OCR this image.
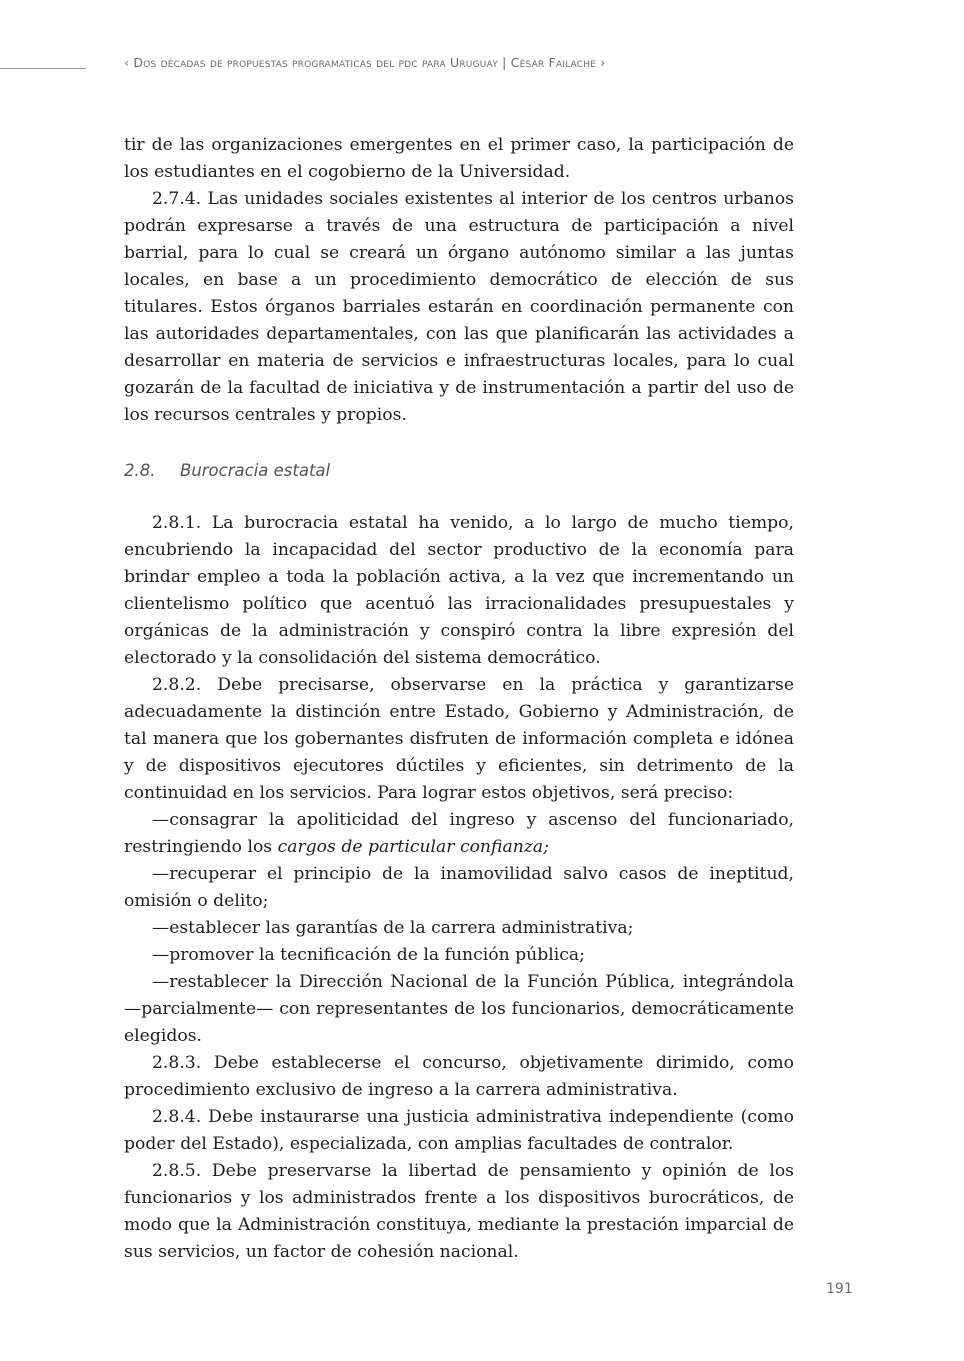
‹ Dos décadas de propuestas programáticas del pdc para Uruguay | César Failache ›

tir de las organizaciones emergentes en el primer caso, la participación de los estudiantes en el cogobierno de la Universidad.

2.7.4. Las unidades sociales existentes al interior de los centros urbanos podrán expresarse a través de una estructura de participación a nivel barrial, para lo cual se creará un órgano autónomo similar a las juntas locales, en base a un procedimiento democrático de elección de sus titulares. Estos órganos barriales estarán en coordinación permanente con las autoridades departamentales, con las que planificarán las actividades a desarrollar en materia de servicios e infraestructuras locales, para lo cual gozarán de la facultad de iniciativa y de instrumentación a partir del uso de los recursos centrales y propios.

2.8. Burocracia estatal

2.8.1. La burocracia estatal ha venido, a lo largo de mucho tiempo, encubriendo la incapacidad del sector productivo de la economía para brindar empleo a toda la población activa, a la vez que incrementando un clientelismo político que acentuó las irracionalidades presupuestales y orgánicas de la administración y conspiró contra la libre expresión del electorado y la consolidación del sistema democrático.

2.8.2. Debe precisarse, observarse en la práctica y garantizarse adecuadamente la distinción entre Estado, Gobierno y Administración, de tal manera que los gobernantes disfruten de información completa e idónea y de dispositivos ejecutores dúctiles y eficientes, sin detrimento de la continuidad en los servicios. Para lograr estos objetivos, será preciso:

—consagrar la apoliticidad del ingreso y ascenso del funcionariado, restringiendo los cargos de particular confianza;

—recuperar el principio de la inamovilidad salvo casos de ineptitud, omisión o delito;

—establecer las garantías de la carrera administrativa;

—promover la tecnificación de la función pública;

—restablecer la Dirección Nacional de la Función Pública, integrándola —parcialmente— con representantes de los funcionarios, democráticamente elegidos.

2.8.3. Debe establecerse el concurso, objetivamente dirimido, como procedimiento exclusivo de ingreso a la carrera administrativa.

2.8.4. Debe instaurarse una justicia administrativa independiente (como poder del Estado), especializada, con amplias facultades de contralor.

2.8.5. Debe preservarse la libertad de pensamiento y opinión de los funcionarios y los administrados frente a los dispositivos burocráticos, de modo que la Administración constituya, mediante la prestación imparcial de sus servicios, un factor de cohesión nacional.

191
